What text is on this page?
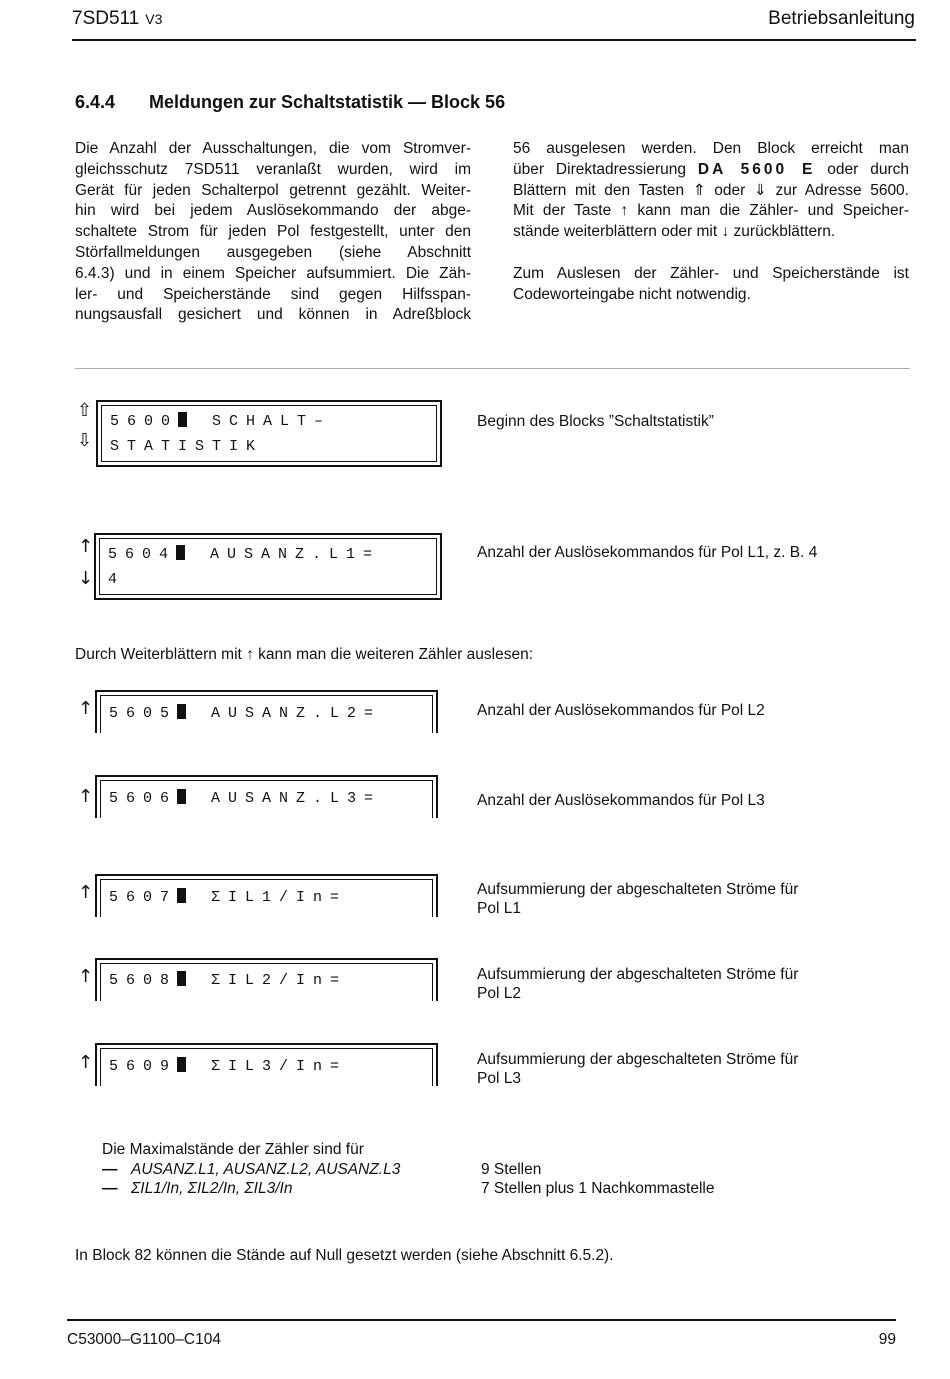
7SD511 V3	Betriebsanleitung
6.4.4 Meldungen zur Schaltstatistik — Block 56
Die Anzahl der Ausschaltungen, die vom Stromver-
gleichsschutz 7SD511 veranlaßt wurden, wird im
Gerät für jeden Schalterpol getrennt gezählt. Weiter-
hin wird bei jedem Auslösekommando der abge-
schaltete Strom für jeden Pol festgestellt, unter den
Störfallmeldungen ausgegeben (siehe Abschnitt
6.4.3) und in einem Speicher aufsummiert. Die Zäh-
ler- und Speicherstände sind gegen Hilfsspan-
nungsausfall gesichert und können in Adreßblock
56 ausgelesen werden. Den Block erreicht man
über Direktadressierung DA 5600 E oder durch
Blättern mit den Tasten ⇑ oder ⇓ zur Adresse 5600.
Mit der Taste ↑ kann man die Zähler- und Speicher-
stände weiterblättern oder mit ↓ zurückblättern.
Zum Auslesen der Zähler- und Speicherstände ist
Codeworteingabe nicht notwendig.
⇧
⇩
5600 SCHALT–
STATISTIK
Beginn des Blocks ”Schaltstatistik”
↑
↓
5604 AUSANZ.L1=
4
Anzahl der Auslösekommandos für Pol L1, z. B. 4
Durch Weiterblättern mit ↑ kann man die weiteren Zähler auslesen:
↑ 5605 AUSANZ.L2=	Anzahl der Auslösekommandos für Pol L2
↑ 5606 AUSANZ.L3=	Anzahl der Auslösekommandos für Pol L3
↑ 5607 ΣIL1/In=	Aufsummierung der abgeschalteten Ströme für
Pol L1
↑ 5608 ΣIL2/In=	Aufsummierung der abgeschalteten Ströme für
Pol L2
↑ 5609 ΣIL3/In=	Aufsummierung der abgeschalteten Ströme für
Pol L3
Die Maximalstände der Zähler sind für
— AUSANZ.L1, AUSANZ.L2, AUSANZ.L3	9 Stellen
— ΣIL1/In, ΣIL2/In, ΣIL3/In	7 Stellen plus 1 Nachkommastelle
In Block 82 können die Stände auf Null gesetzt werden (siehe Abschnitt 6.5.2).
C53000–G1100–C104	99
